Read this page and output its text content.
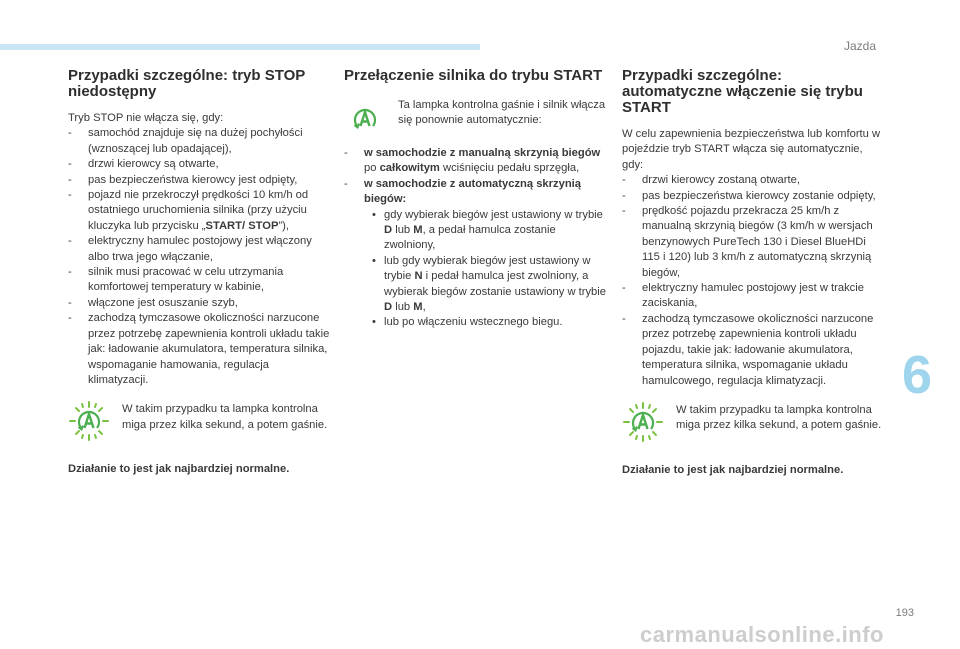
Jazda
6
Przypadki szczególne: tryb STOP niedostępny

Tryb STOP nie włącza się, gdy:

- samochód znajduje się na dużej pochyłości (wznoszącej lub opadającej),
- drzwi kierowcy są otwarte,
- pas bezpieczeństwa kierowcy jest odpięty,
- pojazd nie przekroczył prędkości 10 km/h od ostatniego uruchomienia silnika (przy użyciu kluczyka lub przycisku „START/ STOP”),
- elektryczny hamulec postojowy jest włączony albo trwa jego włączanie,
- silnik musi pracować w celu utrzymania komfortowej temperatury w kabinie,
- włączone jest osuszanie szyb,
- zachodzą tymczasowe okoliczności narzucone przez potrzebę zapewnienia kontroli układu takie jak: ładowanie akumulatora, temperatura silnika, wspomaganie hamowania, regulacja klimatyzacji.

W takim przypadku ta lampka kontrolna miga przez kilka sekund, a potem gaśnie.

Działanie to jest jak najbardziej normalne.

Przełączenie silnika do trybu START

Ta lampka kontrolna gaśnie i silnik włącza się ponownie automatycznie:

- w samochodzie z manualną skrzynią biegów po całkowitym wciśnięciu pedału sprzęgła,
- w samochodzie z automatyczną skrzynią biegów:
• gdy wybierak biegów jest ustawiony w trybie D lub M, a pedał hamulca zostanie zwolniony,
• lub gdy wybierak biegów jest ustawiony w trybie N i pedał hamulca jest zwolniony, a wybierak biegów zostanie ustawiony w trybie D lub M,
• lub po włączeniu wstecznego biegu.
Przypadki szczególne: automatyczne włączenie się trybu START

W celu zapewnienia bezpieczeństwa lub komfortu w pojeździe tryb START włącza się automatycznie, gdy:

- drzwi kierowcy zostaną otwarte,
- pas bezpieczeństwa kierowcy zostanie odpięty,
- prędkość pojazdu przekracza 25 km/h z manualną skrzynią biegów (3 km/h w wersjach benzynowych PureTech 130 i Diesel BlueHDi 115 i 120) lub 3 km/h z automatyczną skrzynią biegów,
- elektryczny hamulec postojowy jest w trakcie zaciskania,
- zachodzą tymczasowe okoliczności narzucone przez potrzebę zapewnienia kontroli układu pojazdu, takie jak: ładowanie akumulatora, temperatura silnika, wspomaganie układu hamulcowego, regulacja klimatyzacji.

W takim przypadku ta lampka kontrolna miga przez kilka sekund, a potem gaśnie.

Działanie to jest jak najbardziej normalne.

193
carmanualsonline.info
